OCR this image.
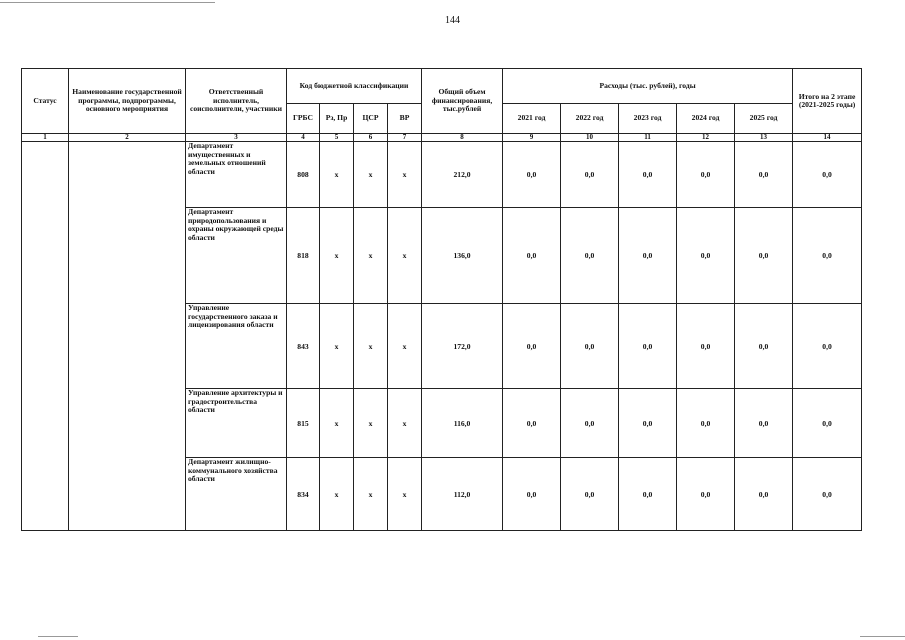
144
Статус	Наименование государственной программы, подпрограммы, основного мероприятия	Ответственный исполнитель, соисполнители, участники	Код бюджетной классификации				Общий объем финансирования, тыс.рублей	Расходы (тыс. рублей), годы					Итого на 2 этапе (2021-2025 годы)
			ГРБС	Рз, Пр	ЦСР	ВР		2021 год	2022 год	2023 год	2024 год	2025 год	
1	2	3	4	5	6	7	8	9	10	11	12	13	14
		Департамент имущественных и земельных отношений области	808	х	х	х	212,0	0,0	0,0	0,0	0,0	0,0	0,0
		Департамент природопользования и охраны окружающей среды области	818	х	х	х	136,0	0,0	0,0	0,0	0,0	0,0	0,0
		Управление государственного заказа и лицензирования области	843	х	х	х	172,0	0,0	0,0	0,0	0,0	0,0	0,0
		Управление архитектуры и градостроительства области	815	х	х	х	116,0	0,0	0,0	0,0	0,0	0,0	0,0
		Департамент жилищно-коммунального хозяйства области	834	х	х	х	112,0	0,0	0,0	0,0	0,0	0,0	0,0
